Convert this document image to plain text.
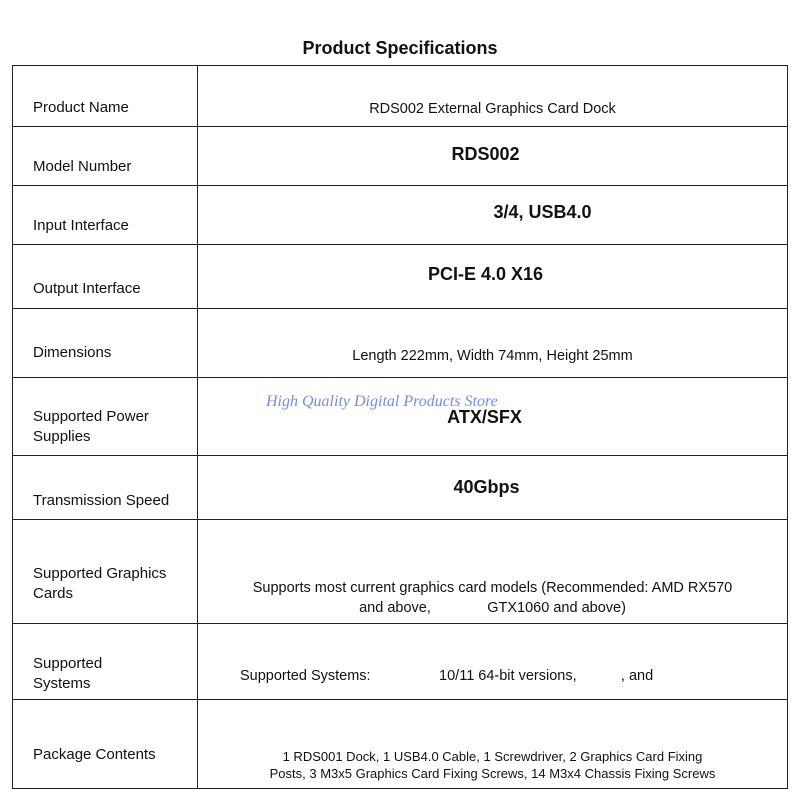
Product Specifications
Product Name	RDS002 External Graphics Card Dock

Model Number	RDS002

Input Interface	3/4, USB4.0

Output Interface	PCI-E 4.0 X16

Dimensions	Length 222mm, Width 74mm, Height 25mm

Supported Power
Supplies	ATX/SFX

Transmission Speed	40Gbps

Supported Graphics
Cards	Supports most current graphics card models (Recommended: AMD RX570
and above,              GTX1060 and above)

Supported
Systems	Supported Systems:                 10/11 64-bit versions,           , and

Package Contents	1 RDS001 Dock, 1 USB4.0 Cable, 1 Screwdriver, 2 Graphics Card Fixing
Posts, 3 M3x5 Graphics Card Fixing Screws, 14 M3x4 Chassis Fixing Screws
High Quality Digital Products Store
